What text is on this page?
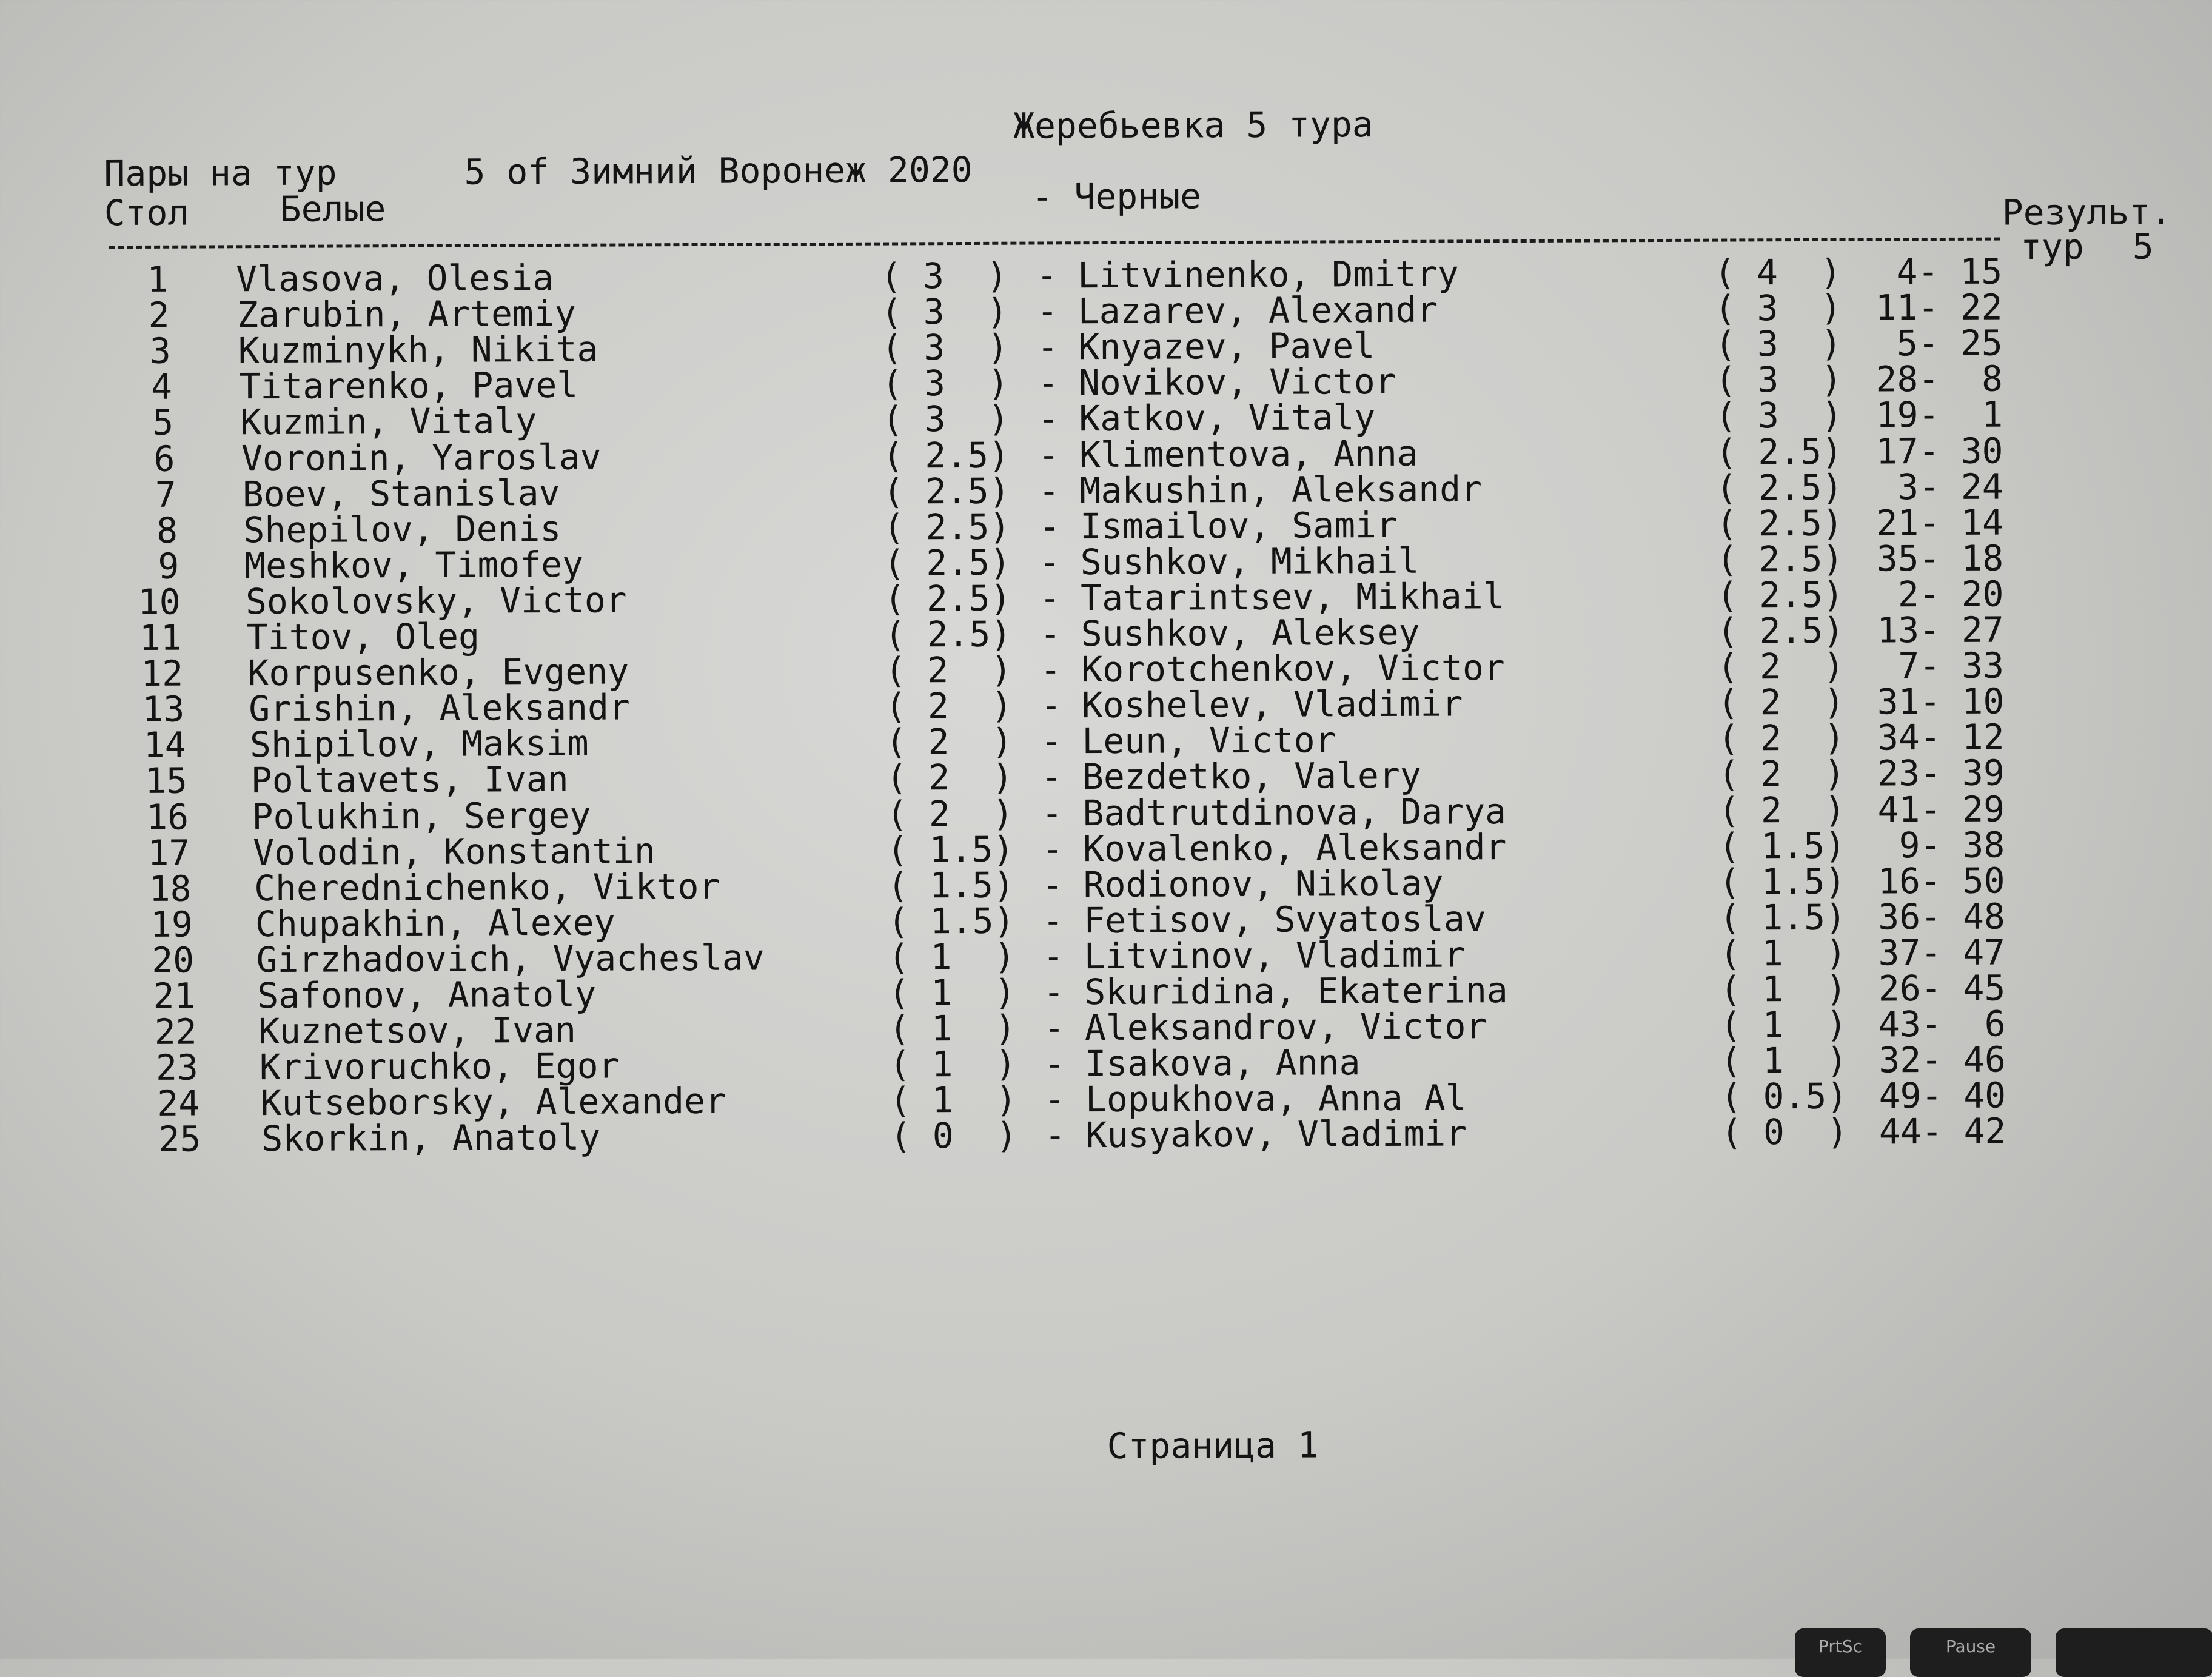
Жеребьевка 5 тура
Пары на тур	5 of Зимний Воронеж 2020
Стол	Белые	- Черные	Результ.
тур 5
1 Vlasova, Olesia	( 3  ) - Litvinenko, Dmitry	( 4  )	4- 15
2 Zarubin, Artemiy	( 3  ) - Lazarev, Alexandr	( 3  ) 11- 22
3 Kuzminykh, Nikita	( 3  ) - Knyazev, Pavel	( 3  )	5- 25
4 Titarenko, Pavel	( 3  ) - Novikov, Victor	( 3  ) 28-  8
5 Kuzmin, Vitaly	( 3  ) - Katkov, Vitaly	( 3  ) 19-  1
6 Voronin, Yaroslav	( 2.5) - Klimentova, Anna	( 2.5) 17- 30
7 Boev, Stanislav	( 2.5) - Makushin, Aleksandr	( 2.5)	3- 24
8 Shepilov, Denis	( 2.5) - Ismailov, Samir	( 2.5) 21- 14
9 Meshkov, Timofey	( 2.5) - Sushkov, Mikhail	( 2.5) 35- 18
10 Sokolovsky, Victor	( 2.5) - Tatarintsev, Mikhail	( 2.5)	2- 20
11 Titov, Oleg	( 2.5) - Sushkov, Aleksey	( 2.5) 13- 27
12 Korpusenko, Evgeny	( 2  ) - Korotchenkov, Victor	( 2  )	7- 33
13 Grishin, Aleksandr	( 2  ) - Koshelev, Vladimir	( 2  ) 31- 10
14 Shipilov, Maksim	( 2  ) - Leun, Victor	( 2  ) 34- 12
15 Poltavets, Ivan	( 2  ) - Bezdetko, Valery	( 2  ) 23- 39
16 Polukhin, Sergey	( 2  ) - Badtrutdinova, Darya	( 2  ) 41- 29
17 Volodin, Konstantin	( 1.5) - Kovalenko, Aleksandr	( 1.5)	9- 38
18 Cherednichenko, Viktor	( 1.5) - Rodionov, Nikolay	( 1.5) 16- 50
19 Chupakhin, Alexey	( 1.5) - Fetisov, Svyatoslav	( 1.5) 36- 48
20 Girzhadovich, Vyacheslav	( 1  ) - Litvinov, Vladimir	( 1  ) 37- 47
21 Safonov, Anatoly	( 1  ) - Skuridina, Ekaterina	( 1  ) 26- 45
22 Kuznetsov, Ivan	( 1  ) - Aleksandrov, Victor	( 1  ) 43-  6
23 Krivoruchko, Egor	( 1  ) - Isakova, Anna	( 1  ) 32- 46
24 Kutseborsky, Alexander	( 1  ) - Lopukhova, Anna Al	( 0.5) 49- 40
25 Skorkin, Anatoly	( 0  ) - Kusyakov, Vladimir	( 0  ) 44- 42
Страница 1
PrtSc	Pause
